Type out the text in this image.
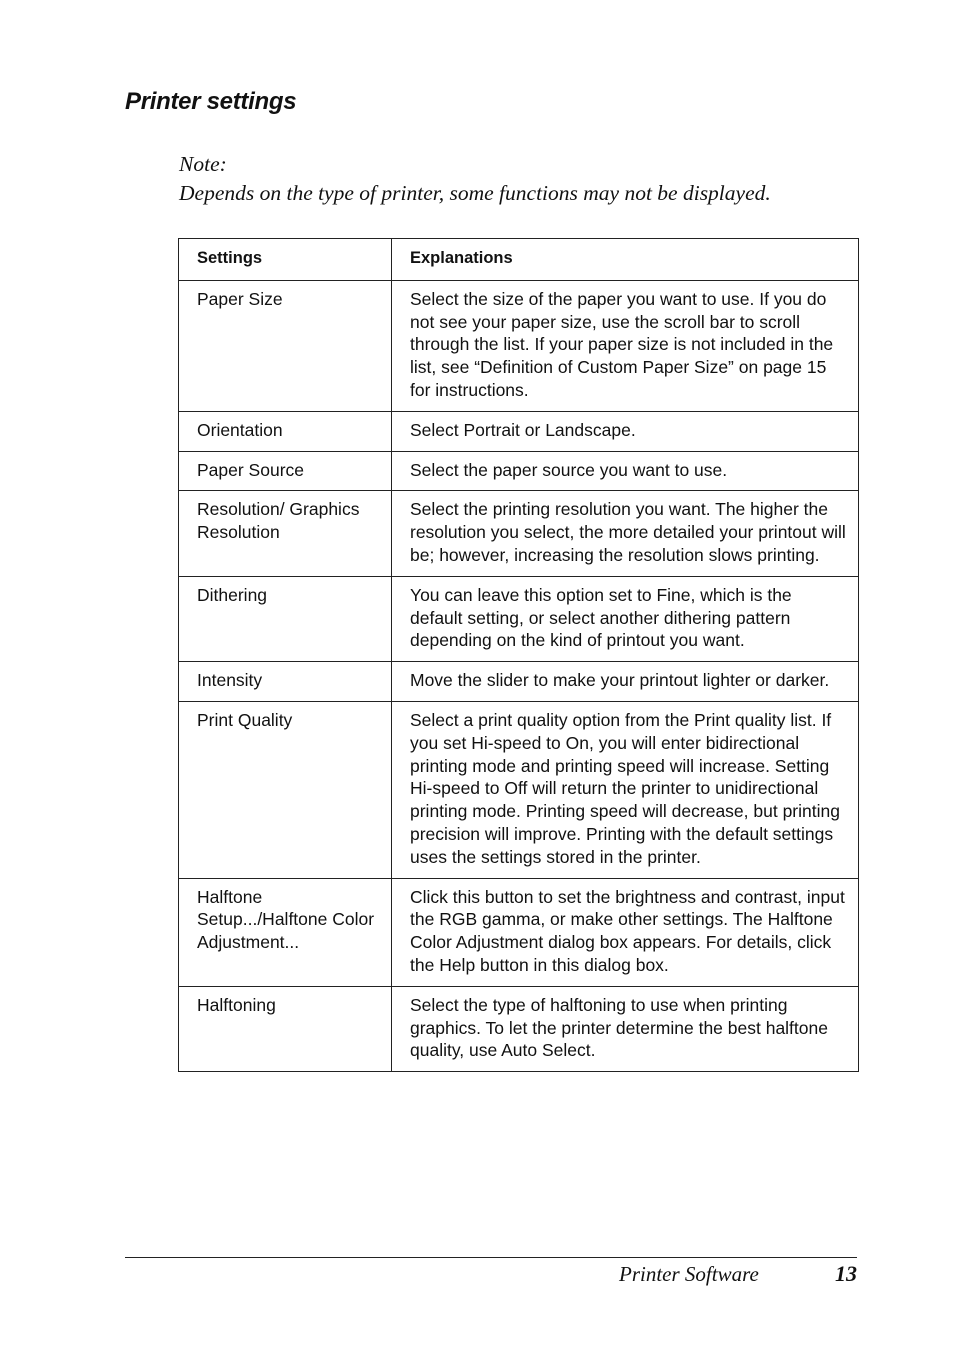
Printer settings
Note:
Depends on the type of printer, some functions may not be displayed.
Settings	Explanations
Paper Size	Select the size of the paper you want to use. If you do not see your paper size, use the scroll bar to scroll through the list. If your paper size is not included in the list, see “Definition of Custom Paper Size” on page 15 for instructions.
Orientation	Select Portrait or Landscape.
Paper Source	Select the paper source you want to use.
Resolution/ Graphics Resolution	Select the printing resolution you want. The higher the resolution you select, the more detailed your printout will be; however, increasing the resolution slows printing.
Dithering	You can leave this option set to Fine, which is the default setting, or select another dithering pattern depending on the kind of printout you want.
Intensity	Move the slider to make your printout lighter or darker.
Print Quality	Select a print quality option from the Print quality list. If you set Hi-speed to On, you will enter bidirectional printing mode and printing speed will increase. Setting Hi-speed to Off will return the printer to unidirectional printing mode. Printing speed will decrease, but printing precision will improve. Printing with the default settings uses the settings stored in the printer.
Halftone Setup.../Halftone Color Adjustment...	Click this button to set the brightness and contrast, input the RGB gamma, or make other settings. The Halftone Color Adjustment dialog box appears. For details, click the Help button in this dialog box.
Halftoning	Select the type of halftoning to use when printing graphics. To let the printer determine the best halftone quality, use Auto Select.
Printer Software	13
